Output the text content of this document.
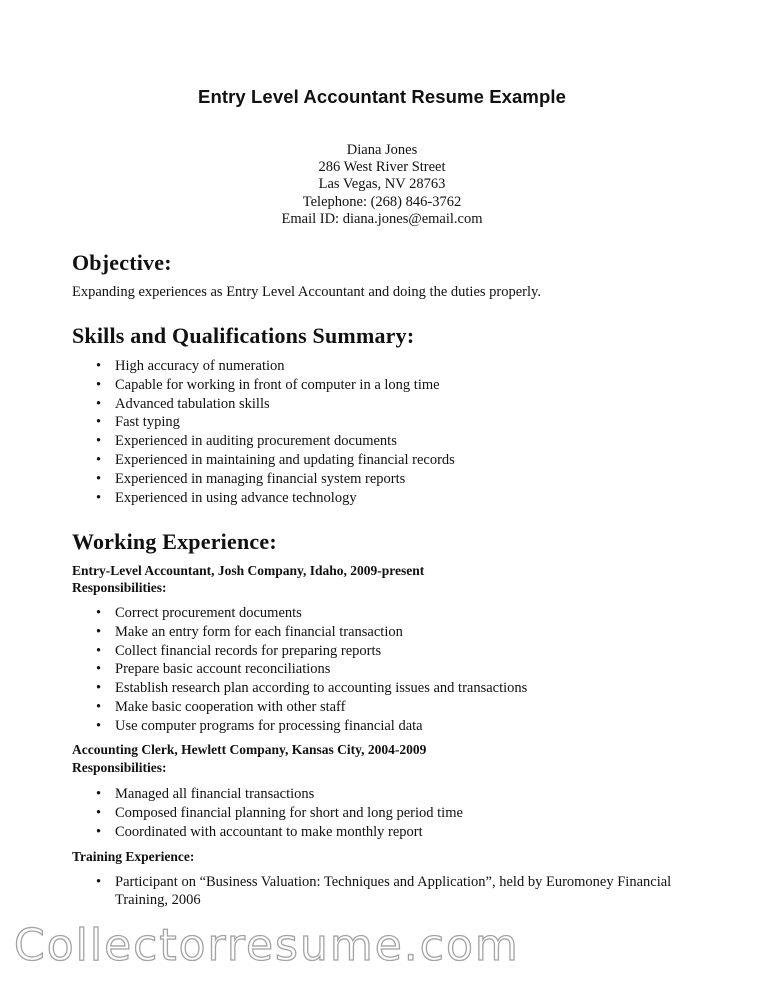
Entry Level Accountant Resume Example
Diana Jones
286 West River Street
Las Vegas, NV 28763
Telephone: (268) 846-3762
Email ID: diana.jones@email.com
Objective:
Expanding experiences as Entry Level Accountant and doing the duties properly.
Skills and Qualifications Summary:
• High accuracy of numeration
• Capable for working in front of computer in a long time
• Advanced tabulation skills
• Fast typing
• Experienced in auditing procurement documents
• Experienced in maintaining and updating financial records
• Experienced in managing financial system reports
• Experienced in using advance technology
Working Experience:
Entry-Level Accountant, Josh Company, Idaho, 2009-present
Responsibilities:
• Correct procurement documents
• Make an entry form for each financial transaction
• Collect financial records for preparing reports
• Prepare basic account reconciliations
• Establish research plan according to accounting issues and transactions
• Make basic cooperation with other staff
• Use computer programs for processing financial data
Accounting Clerk, Hewlett Company, Kansas City, 2004-2009
Responsibilities:
• Managed all financial transactions
• Composed financial planning for short and long period time
• Coordinated with accountant to make monthly report
Training Experience:
• Participant on “Business Valuation: Techniques and Application”, held by Euromoney Financial Training, 2006
Collectorresume.com
